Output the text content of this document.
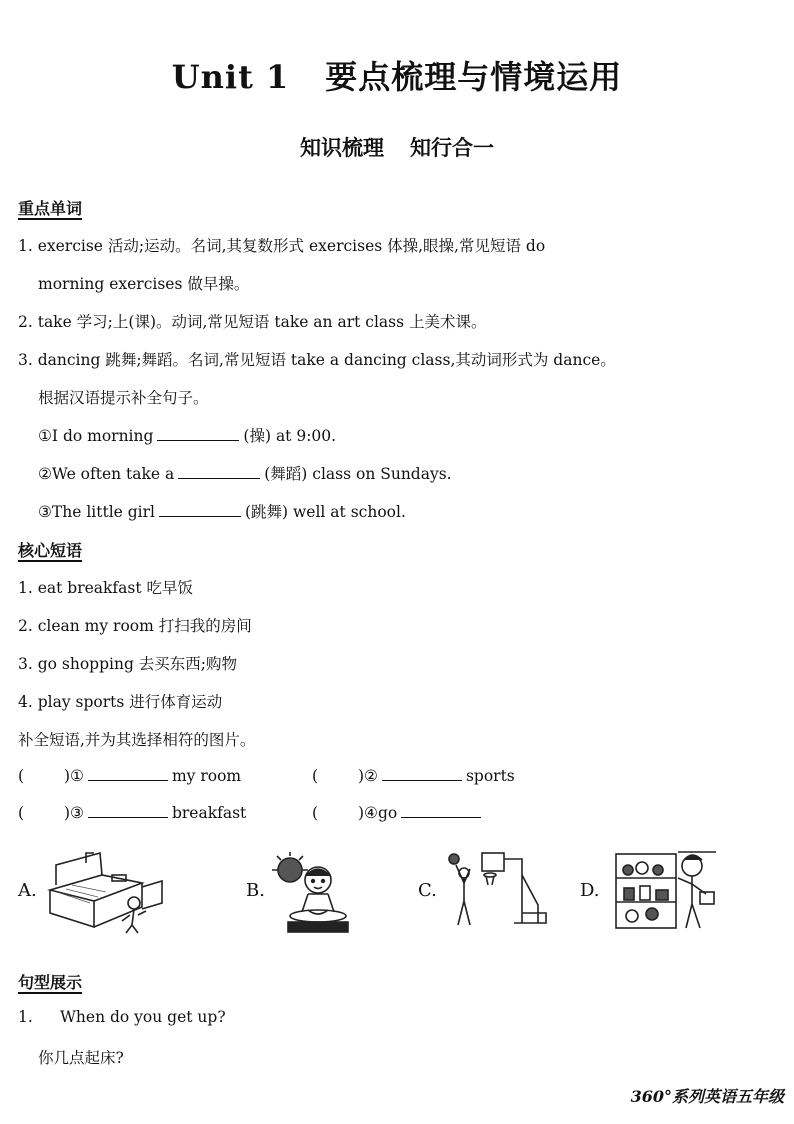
Unit 1 要点梳理与情境运用
知识梳理 知行合一
重点单词
1. exercise 活动;运动。名词,其复数形式 exercises 体操,眼操,常见短语 do
morning exercises 做早操。
2. take 学习;上(课)。动词,常见短语 take an art class 上美术课。
3. dancing 跳舞;舞蹈。名词,常见短语 take a dancing class,其动词形式为 dance。
根据汉语提示补全句子。
①I do morning	(操) at 9:00.
②We often take a	(舞蹈) class on Sundays.
③The little girl	(跳舞) well at school.
核心短语
1. eat breakfast 吃早饭
2. clean my room 打扫我的房间
3. go shopping 去买东西;购物
4. play sports 进行体育运动
补全短语,并为其选择相符的图片。
(	)①	my room	(	)②	sports
(	)③	breakfast	(	)④go
A.	B.	C.	D.
句型展示
1. When do you get up?
你几点起床?
360°系列英语五年级
